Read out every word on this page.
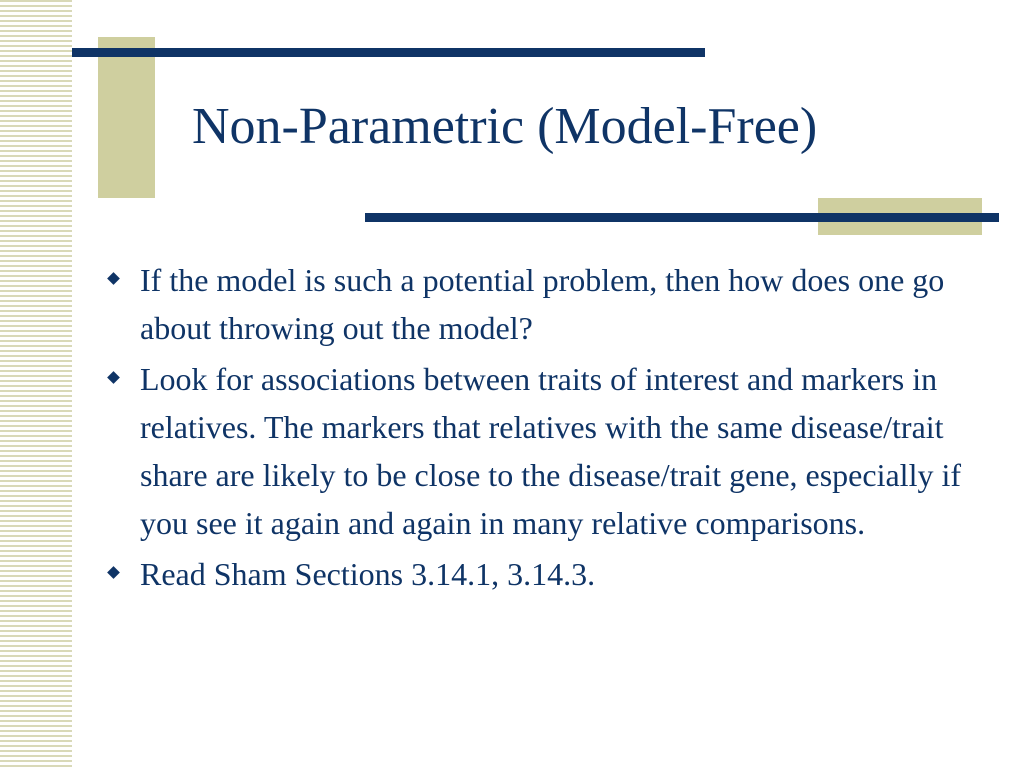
Non-Parametric (Model-Free)
If the model is such a potential problem, then how does one go about throwing out the model?
Look for associations between traits of interest and markers in relatives. The markers that relatives with the same disease/trait share are likely to be close to the disease/trait gene, especially if you see it again and again in many relative comparisons.
Read Sham Sections 3.14.1, 3.14.3.
